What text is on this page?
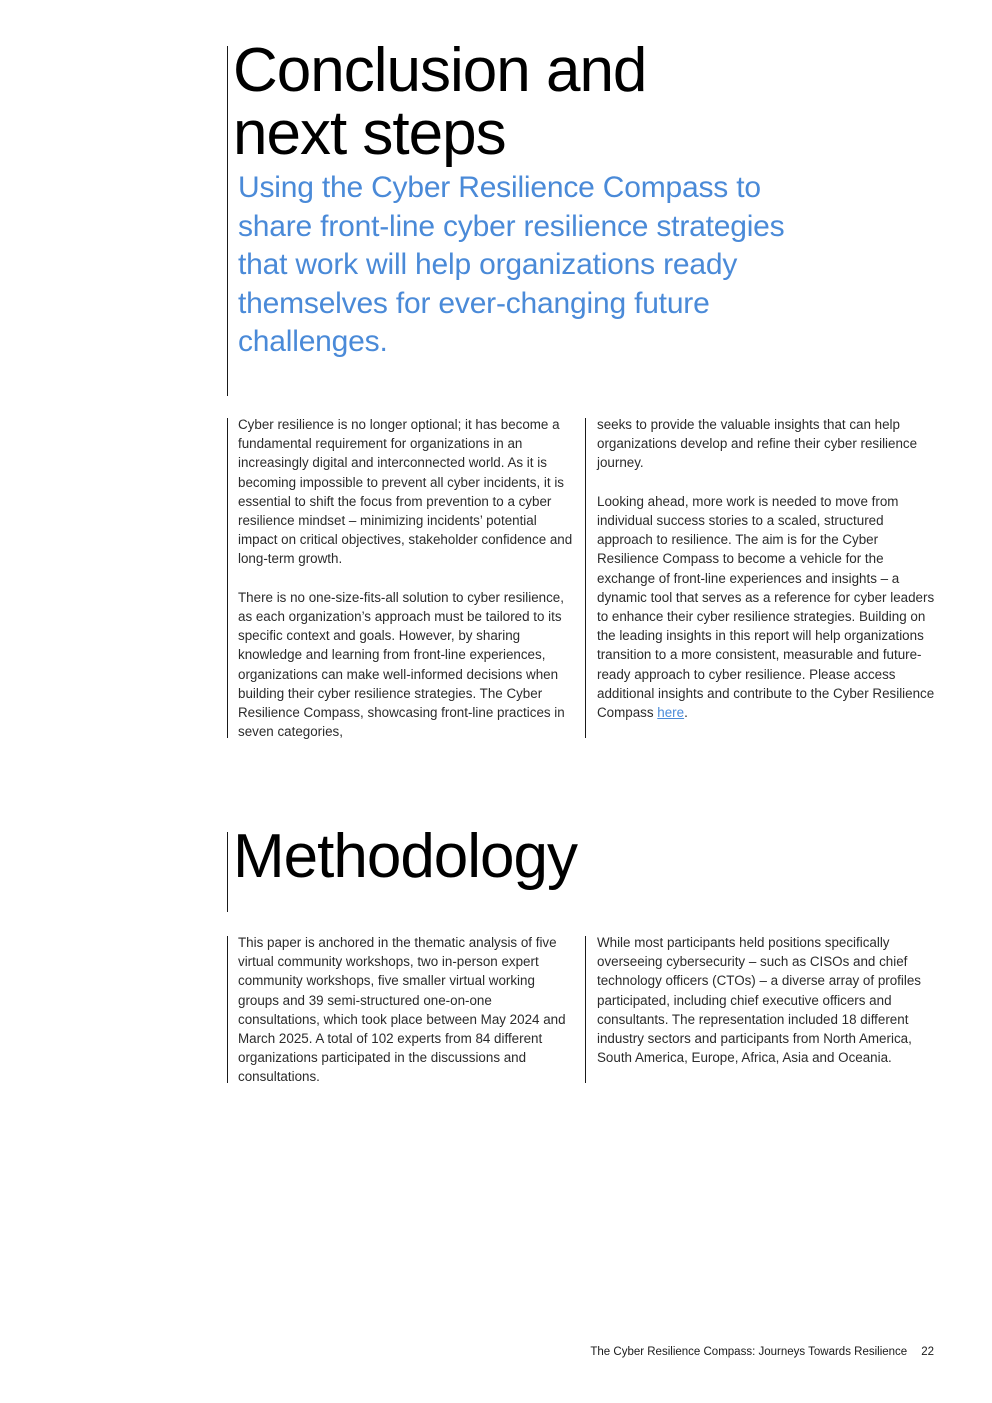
Conclusion and
next steps

Using the Cyber Resilience Compass to share front-line cyber resilience strategies that work will help organizations ready themselves for ever-changing future challenges.

Cyber resilience is no longer optional; it has become a fundamental requirement for organizations in an increasingly digital and interconnected world. As it is becoming impossible to prevent all cyber incidents, it is essential to shift the focus from prevention to a cyber resilience mindset – minimizing incidents’ potential impact on critical objectives, stakeholder confidence and long-term growth.

There is no one-size-fits-all solution to cyber resilience, as each organization’s approach must be tailored to its specific context and goals. However, by sharing knowledge and learning from front-line experiences, organizations can make well-informed decisions when building their cyber resilience strategies. The Cyber Resilience Compass, showcasing front-line practices in seven categories,

seeks to provide the valuable insights that can help organizations develop and refine their cyber resilience journey.

Looking ahead, more work is needed to move from individual success stories to a scaled, structured approach to resilience. The aim is for the Cyber Resilience Compass to become a vehicle for the exchange of front-line experiences and insights – a dynamic tool that serves as a reference for cyber leaders to enhance their cyber resilience strategies. Building on the leading insights in this report will help organizations transition to a more consistent, measurable and future-ready approach to cyber resilience. Please access additional insights and contribute to the Cyber Resilience Compass here.

Methodology

This paper is anchored in the thematic analysis of five virtual community workshops, two in-person expert community workshops, five smaller virtual working groups and 39 semi-structured one-on-one consultations, which took place between May 2024 and March 2025. A total of 102 experts from 84 different organizations participated in the discussions and consultations.

While most participants held positions specifically overseeing cybersecurity – such as CISOs and chief technology officers (CTOs) – a diverse array of profiles participated, including chief executive officers and consultants. The representation included 18 different industry sectors and participants from North America, South America, Europe, Africa, Asia and Oceania.

The Cyber Resilience Compass: Journeys Towards Resilience 22
